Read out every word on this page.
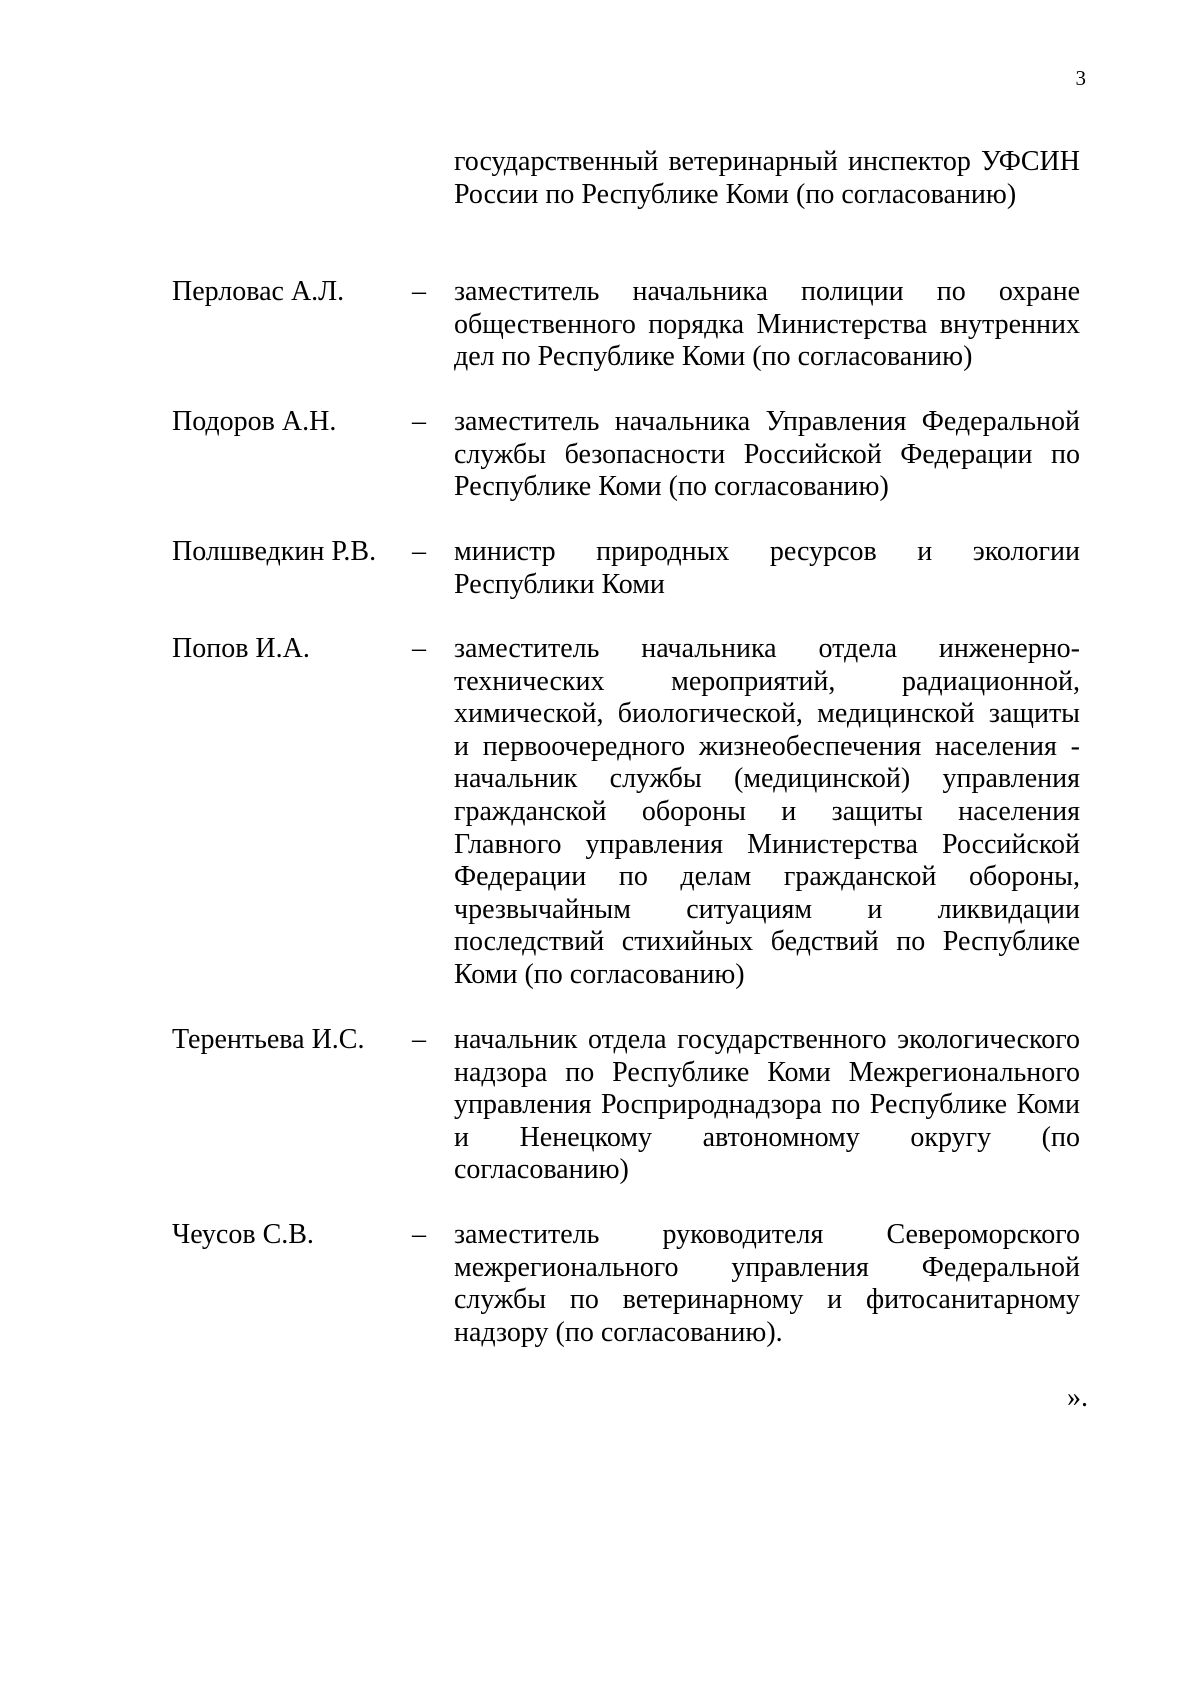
3
государственный ветеринарный инспектор УФСИН России по Республике Коми (по согласованию)
Перловас А.Л. – заместитель начальника полиции по охране общественного порядка Министерства внутренних дел по Республике Коми (по согласованию)
Подоров А.Н.	– заместитель начальника Управления Федеральной службы безопасности Российской Федерации по Республике Коми (по согласованию)
Полшведкин Р.В. – министр природных ресурсов и экологии Республики Коми
Попов И.А.	– заместитель начальника отдела инженерно-технических мероприятий, радиационной, химической, биологической, медицинской защиты и первоочередного жизнеобеспечения населения - начальник службы (медицинской) управления гражданской обороны и защиты населения Главного управления Министерства Российской Федерации по делам гражданской обороны, чрезвычайным ситуациям и ликвидации последствий стихийных бедствий по Республике Коми (по согласованию)
Терентьева И.С. – начальник отдела государственного экологического надзора по Республике Коми Межрегионального управления Росприроднадзора по Республике Коми и Ненецкому автономному округу (по согласованию)
Чеусов С.В.	– заместитель руководителя Североморского межрегионального управления Федеральной службы по ветеринарному и фитосанитарному надзору (по согласованию).
».
